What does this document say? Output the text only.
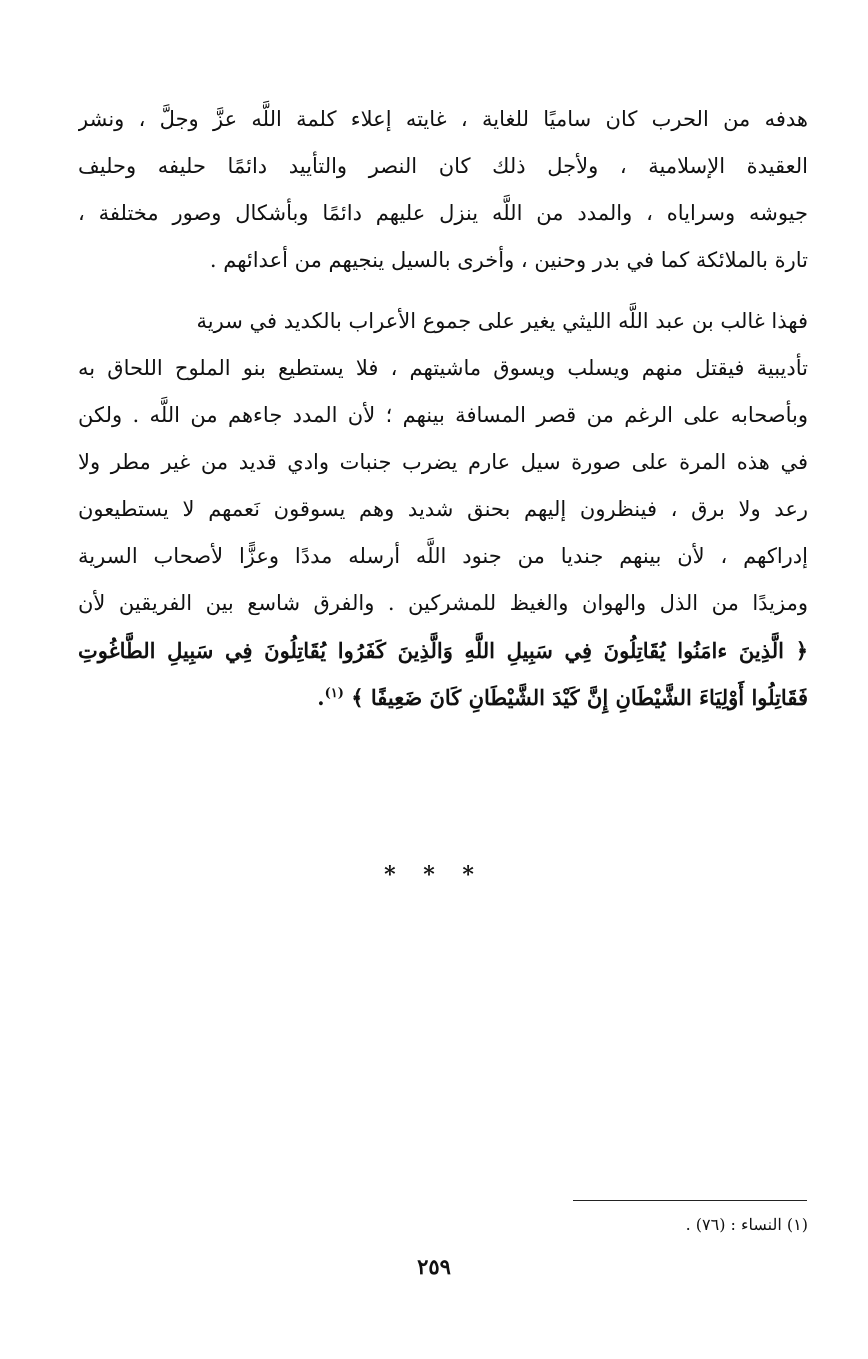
هدفه من الحرب كان ساميًا للغاية ، غايته إعلاء كلمة اللَّه عزَّ وجلَّ ، ونشر
العقيدة الإسلامية ، ولأجل ذلك كان النصر والتأييد دائمًا حليفه وحليف
جيوشه وسراياه ، والمدد من اللَّه ينزل عليهم دائمًا وبأشكال وصور مختلفة ،
تارة بالملائكة كما في بدر وحنين ، وأخرى بالسيل ينجيهم من أعدائهم .
فهذا غالب بن عبد اللَّه الليثي يغير على جموع الأعراب بالكديد في سرية
تأديبية فيقتل منهم ويسلب ويسوق ماشيتهم ، فلا يستطيع بنو الملوح اللحاق به
وبأصحابه على الرغم من قصر المسافة بينهم ؛ لأن المدد جاءهم من اللَّه . ولكن
في هذه المرة على صورة سيل عارم يضرب جنبات وادي قديد من غير مطر ولا
رعد ولا برق ، فينظرون إليهم بحنق شديد وهم يسوقون نَعمهم لا يستطيعون
إدراكهم ، لأن بينهم جنديا من جنود اللَّه أرسله مددًا وعزًّا لأصحاب السرية
ومزيدًا من الذل والهوان والغيظ للمشركين . والفرق شاسع بين الفريقين لأن
﴿ الَّذِينَ ءامَنُوا يُقَاتِلُونَ فِي سَبِيلِ اللَّهِ وَالَّذِينَ كَفَرُوا يُقَاتِلُونَ فِي سَبِيلِ الطَّاغُوتِ
فَقَاتِلُوا أَوْلِيَاءَ الشَّيْطَانِ إِنَّ كَيْدَ الشَّيْطَانِ كَانَ ضَعِيفًا ﴾ $^{(١)}$.
* * *
(١) النساء : (٧٦) .
٢٥٩
